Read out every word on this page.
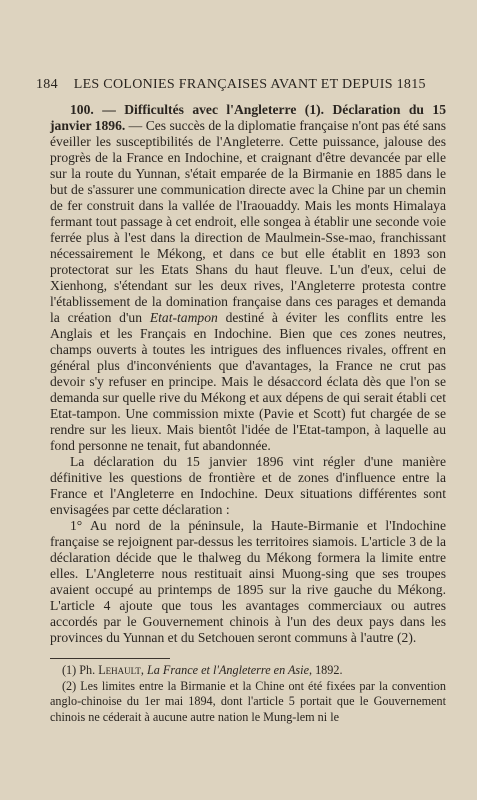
184 LES COLONIES FRANÇAISES AVANT ET DEPUIS 1815

100. — Difficultés avec l'Angleterre (1). Déclaration du 15 janvier 1896. — Ces succès de la diplomatie française n'ont pas été sans éveiller les susceptibilités de l'Angleterre. Cette puissance, jalouse des progrès de la France en Indochine, et craignant d'être devancée par elle sur la route du Yunnan, s'était emparée de la Birmanie en 1885 dans le but de s'assurer une communication directe avec la Chine par un chemin de fer construit dans la vallée de l'Iraouaddy. Mais les monts Himalaya fermant tout passage à cet endroit, elle songea à établir une seconde voie ferrée plus à l'est dans la direction de Maulmein-Sse-mao, franchissant nécessairement le Mékong, et dans ce but elle établit en 1893 son protectorat sur les Etats Shans du haut fleuve. L'un d'eux, celui de Xienhong, s'étendant sur les deux rives, l'Angleterre protesta contre l'établissement de la domination française dans ces parages et demanda la création d'un Etat-tampon destiné à éviter les conflits entre les Anglais et les Français en Indochine. Bien que ces zones neutres, champs ouverts à toutes les intrigues des influences rivales, offrent en général plus d'inconvénients que d'avantages, la France ne crut pas devoir s'y refuser en principe. Mais le désaccord éclata dès que l'on se demanda sur quelle rive du Mékong et aux dépens de qui serait établi cet Etat-tampon. Une commission mixte (Pavie et Scott) fut chargée de se rendre sur les lieux. Mais bientôt l'idée de l'Etat-tampon, à laquelle au fond personne ne tenait, fut abandonnée.

La déclaration du 15 janvier 1896 vint régler d'une manière définitive les questions de frontière et de zones d'influence entre la France et l'Angleterre en Indochine. Deux situations différentes sont envisagées par cette déclaration :

1° Au nord de la péninsule, la Haute-Birmanie et l'Indochine française se rejoignent par-dessus les territoires siamois. L'article 3 de la déclaration décide que le thalweg du Mékong formera la limite entre elles. L'Angleterre nous restituait ainsi Muong-sing que ses troupes avaient occupé au printemps de 1895 sur la rive gauche du Mékong. L'article 4 ajoute que tous les avantages commerciaux ou autres accordés par le Gouvernement chinois à l'un des deux pays dans les provinces du Yunnan et du Setchouen seront communs à l'autre (2).

(1) Ph. Lehault, La France et l'Angleterre en Asie, 1892.

(2) Les limites entre la Birmanie et la Chine ont été fixées par la convention anglo-chinoise du 1er mai 1894, dont l'article 5 portait que le Gouvernement chinois ne céderait à aucune autre nation le Mung-lem ni le
